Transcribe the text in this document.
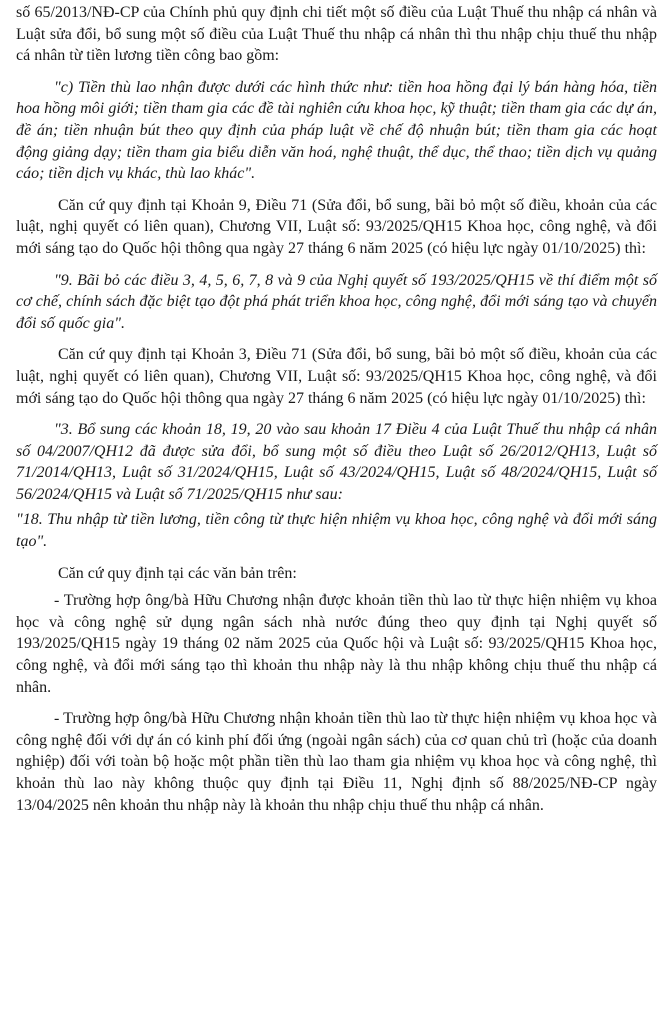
số 65/2013/NĐ-CP của Chính phủ quy định chi tiết một số điều của Luật Thuế thu nhập cá nhân và Luật sửa đổi, bổ sung một số điều của Luật Thuế thu nhập cá nhân thì thu nhập chịu thuế thu nhập cá nhân từ tiền lương tiền công bao gồm:

"c) Tiền thù lao nhận được dưới các hình thức như: tiền hoa hồng đại lý bán hàng hóa, tiền hoa hồng môi giới; tiền tham gia các đề tài nghiên cứu khoa học, kỹ thuật; tiền tham gia các dự án, đề án; tiền nhuận bút theo quy định của pháp luật về chế độ nhuận bút; tiền tham gia các hoạt động giảng dạy; tiền tham gia biểu diễn văn hoá, nghệ thuật, thể dục, thể thao; tiền dịch vụ quảng cáo; tiền dịch vụ khác, thù lao khác".

Căn cứ quy định tại Khoản 9, Điều 71 (Sửa đổi, bổ sung, bãi bỏ một số điều, khoản của các luật, nghị quyết có liên quan), Chương VII, Luật số: 93/2025/QH15 Khoa học, công nghệ, và đổi mới sáng tạo do Quốc hội thông qua ngày 27 tháng 6 năm 2025 (có hiệu lực ngày 01/10/2025) thì:

"9. Bãi bỏ các điều 3, 4, 5, 6, 7, 8 và 9 của Nghị quyết số 193/2025/QH15 về thí điểm một số cơ chế, chính sách đặc biệt tạo đột phá phát triển khoa học, công nghệ, đổi mới sáng tạo và chuyển đổi số quốc gia".

Căn cứ quy định tại Khoản 3, Điều 71 (Sửa đổi, bổ sung, bãi bỏ một số điều, khoản của các luật, nghị quyết có liên quan), Chương VII, Luật số: 93/2025/QH15 Khoa học, công nghệ, và đổi mới sáng tạo do Quốc hội thông qua ngày 27 tháng 6 năm 2025 (có hiệu lực ngày 01/10/2025) thì:

"3. Bổ sung các khoản 18, 19, 20 vào sau khoản 17 Điều 4 của Luật Thuế thu nhập cá nhân số 04/2007/QH12 đã được sửa đổi, bổ sung một số điều theo Luật số 26/2012/QH13, Luật số 71/2014/QH13, Luật số 31/2024/QH15, Luật số 43/2024/QH15, Luật số 48/2024/QH15, Luật số 56/2024/QH15 và Luật số 71/2025/QH15 như sau:

"18. Thu nhập từ tiền lương, tiền công từ thực hiện nhiệm vụ khoa học, công nghệ và đổi mới sáng tạo".

Căn cứ quy định tại các văn bản trên:

- Trường hợp ông/bà Hữu Chương nhận được khoản tiền thù lao từ thực hiện nhiệm vụ khoa học và công nghệ sử dụng ngân sách nhà nước đúng theo quy định tại Nghị quyết số 193/2025/QH15 ngày 19 tháng 02 năm 2025 của Quốc hội và Luật số: 93/2025/QH15 Khoa học, công nghệ, và đổi mới sáng tạo thì khoản thu nhập này là thu nhập không chịu thuế thu nhập cá nhân.

- Trường hợp ông/bà Hữu Chương nhận khoản tiền thù lao từ thực hiện nhiệm vụ khoa học và công nghệ đối với dự án có kinh phí đối ứng (ngoài ngân sách) của cơ quan chủ trì (hoặc của doanh nghiệp) đối với toàn bộ hoặc một phần tiền thù lao tham gia nhiệm vụ khoa học và công nghệ, thì khoản thù lao này không thuộc quy định tại Điều 11, Nghị định số 88/2025/NĐ-CP ngày 13/04/2025 nên khoản thu nhập này là khoản thu nhập chịu thuế thu nhập cá nhân.
